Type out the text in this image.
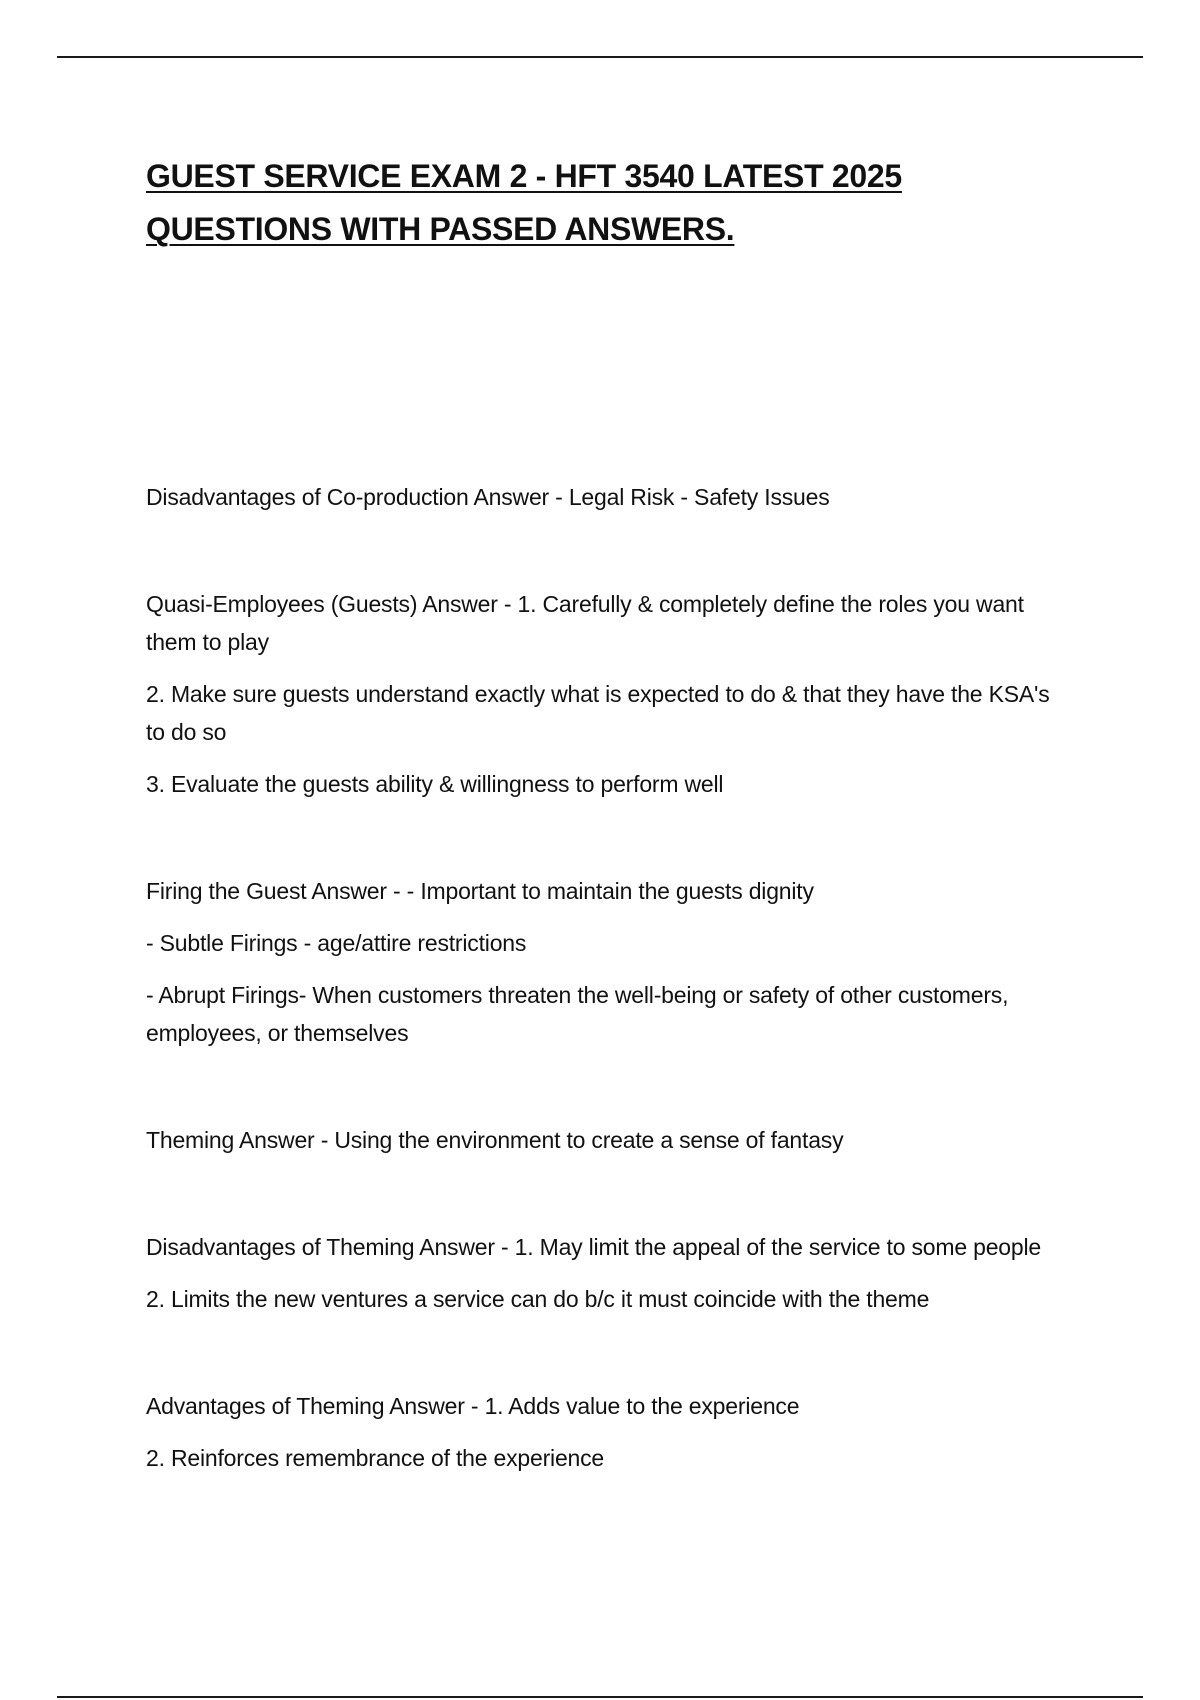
GUEST SERVICE EXAM 2 - HFT 3540 LATEST 2025
QUESTIONS WITH PASSED ANSWERS.

Disadvantages of Co-production Answer - Legal Risk - Safety Issues

Quasi-Employees (Guests) Answer - 1. Carefully & completely define the roles you want them to play

2. Make sure guests understand exactly what is expected to do & that they have the KSA's to do so

3. Evaluate the guests ability & willingness to perform well

Firing the Guest Answer - - Important to maintain the guests dignity

- Subtle Firings - age/attire restrictions

- Abrupt Firings- When customers threaten the well-being or safety of other customers, employees, or themselves

Theming Answer - Using the environment to create a sense of fantasy

Disadvantages of Theming Answer - 1. May limit the appeal of the service to some people

2. Limits the new ventures a service can do b/c it must coincide with the theme

Advantages of Theming Answer - 1. Adds value to the experience

2. Reinforces remembrance of the experience
